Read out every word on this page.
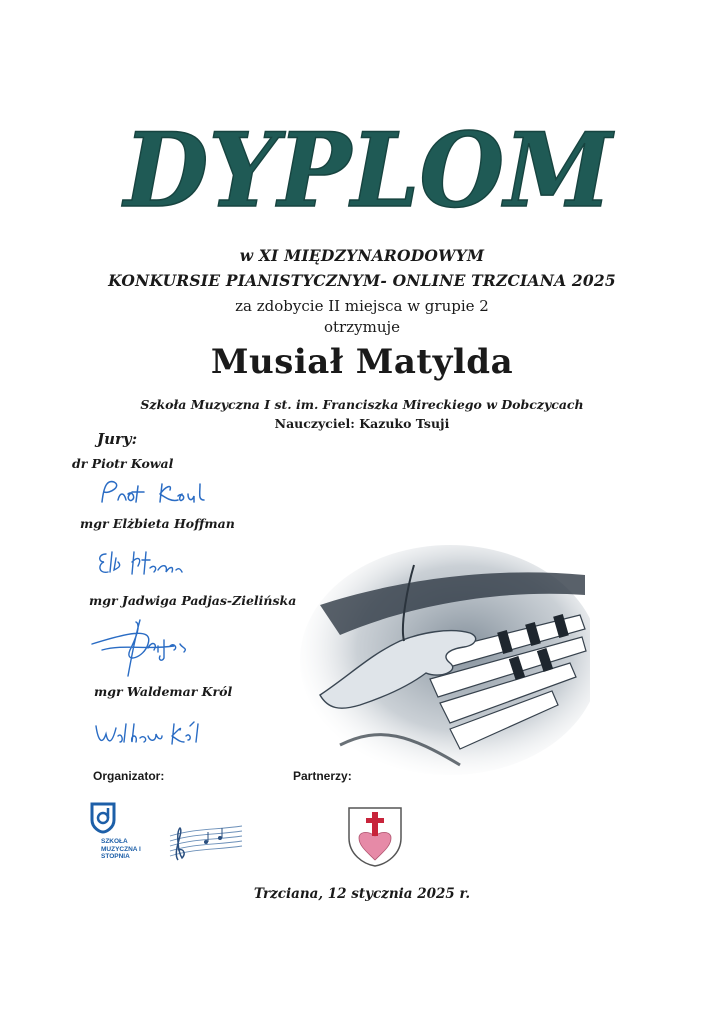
DYPLOM
w XI MIĘDZYNARODOWYM
KONKURSIE PIANISTYCZNYM- ONLINE TRZCIANA 2025
za zdobycie II miejsca w grupie 2
otrzymuje
Musiał Matylda
Szkoła Muzyczna I st. im. Franciszka Mireckiego w Dobczycach
Nauczyciel: Kazuko Tsuji
Jury:
dr Piotr Kowal
mgr Elżbieta Hoffman
mgr Jadwiga Padjas-Zielińska
mgr Waldemar Król
Organizator:	Partnerzy:
SZKOŁA MUZYCZNA I STOPNIA
Trzciana, 12 stycznia 2025 r.
